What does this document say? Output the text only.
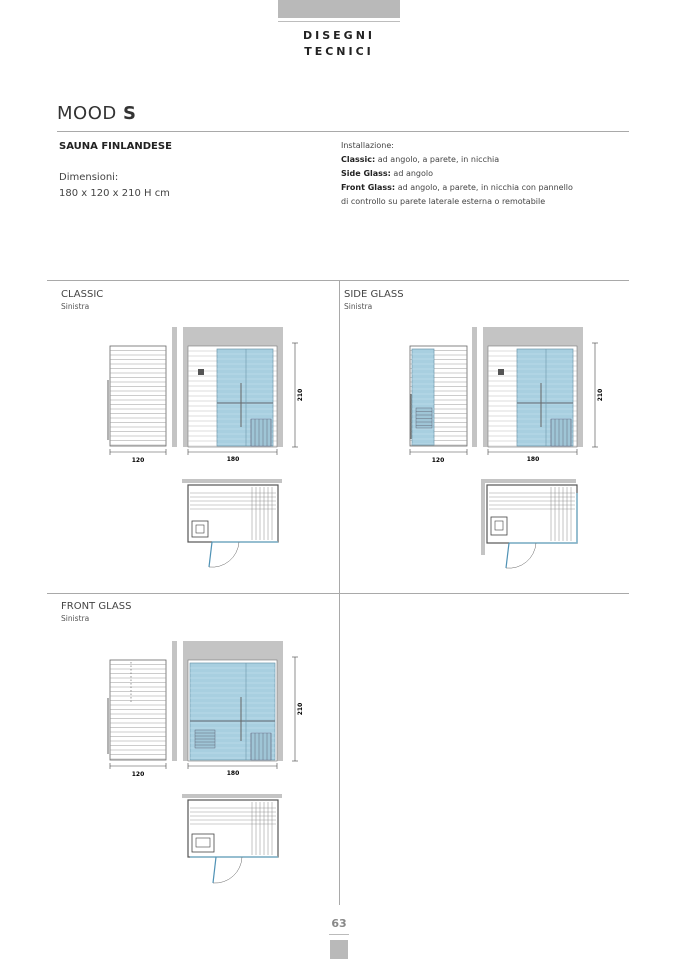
DISEGNI
TECNICI
MOOD S
SAUNA FINLANDESE
Dimensioni:
180 x 120 x 210 H cm
Installazione:
Classic: ad angolo, a parete, in nicchia
Side Glass: ad angolo
Front Glass: ad angolo, a parete, in nicchia con pannello
di controllo su parete laterale esterna o remotabile
CLASSIC
Sinistra
SIDE GLASS
Sinistra
FRONT GLASS
Sinistra
120
210
180	120
210
180
120
210
180
63
